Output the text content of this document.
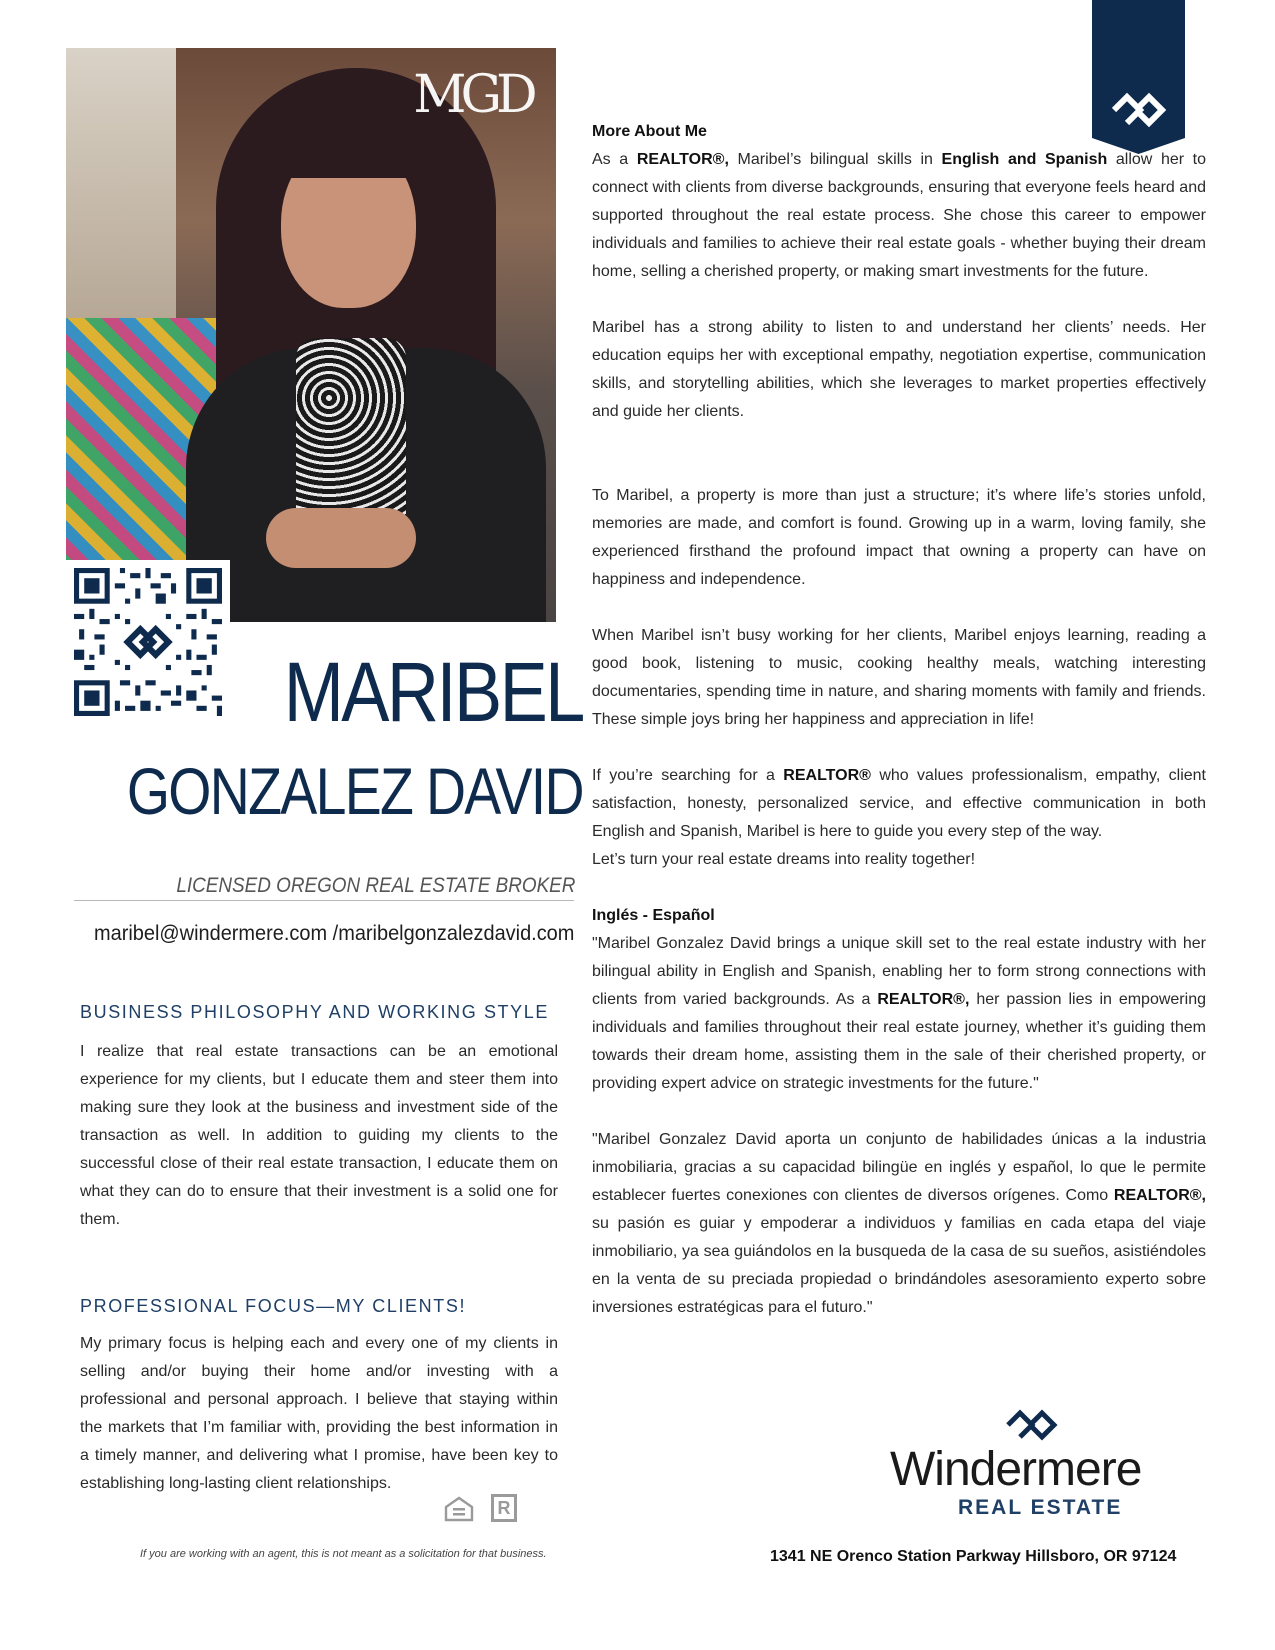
MGD
MARIBEL
GONZALEZ DAVID
LICENSED OREGON REAL ESTATE BROKER
maribel@windermere.com /maribelgonzalezdavid.com
BUSINESS PHILOSOPHY AND WORKING STYLE
I realize that real estate transactions can be an emotional experience for my clients, but I educate them and steer them into making sure they look at the business and investment side of the transaction as well. In addition to guiding my clients to the successful close of their real estate transaction, I educate them on what they can do to ensure that their investment is a solid one for them.
PROFESSIONAL FOCUS—MY CLIENTS!
My primary focus is helping each and every one of my clients in selling and/or buying their home and/or investing with a professional and personal approach. I believe that staying within the markets that I’m familiar with, providing the best information in a timely manner, and delivering what I promise, have been key to establishing long-lasting client relationships.
R
If you are working with an agent, this is not meant as a solicitation for that business.

More About Me

As a REALTOR®, Maribel’s bilingual skills in English and Spanish allow her to connect with clients from diverse backgrounds, ensuring that everyone feels heard and supported throughout the real estate process. She chose this career to empower individuals and families to achieve their real estate goals - whether buying their dream home, selling a cherished property, or making smart investments for the future.

Maribel has a strong ability to listen to and understand her clients’ needs. Her education equips her with exceptional empathy, negotiation expertise, communication skills, and storytelling abilities, which she leverages to market properties effectively and guide her clients.

To Maribel, a property is more than just a structure; it’s where life’s stories unfold, memories are made, and comfort is found. Growing up in a warm, loving family, she experienced firsthand the profound impact that owning a property can have on happiness and independence.

When Maribel isn’t busy working for her clients, Maribel enjoys learning, reading a good book, listening to music, cooking healthy meals, watching interesting documentaries, spending time in nature, and sharing moments with family and friends. These simple joys bring her happiness and appreciation in life!

If you’re searching for a REALTOR® who values professionalism, empathy, client satisfaction, honesty, personalized service, and effective communication in both English and Spanish, Maribel is here to guide you every step of the way.

Let’s turn your real estate dreams into reality together!

Inglés - Español

"Maribel Gonzalez David brings a unique skill set to the real estate industry with her bilingual ability in English and Spanish, enabling her to form strong connections with clients from varied backgrounds. As a REALTOR®, her passion lies in empowering individuals and families throughout their real estate journey, whether it’s guiding them towards their dream home, assisting them in the sale of their cherished property, or providing expert advice on strategic investments for the future."

"Maribel Gonzalez David aporta un conjunto de habilidades únicas a la industria inmobiliaria, gracias a su capacidad bilingüe en inglés y español, lo que le permite establecer fuertes conexiones con clientes de diversos orígenes. Como REALTOR®, su pasión es guiar y empoderar a individuos y familias en cada etapa del viaje inmobiliario, ya sea guiándolos en la busqueda de la casa de su sueños, asistiéndoles en la venta de su preciada propiedad o brindándoles asesoramiento experto sobre inversiones estratégicas para el futuro."

Windermere
REAL ESTATE
1341 NE Orenco Station Parkway Hillsboro, OR 97124
